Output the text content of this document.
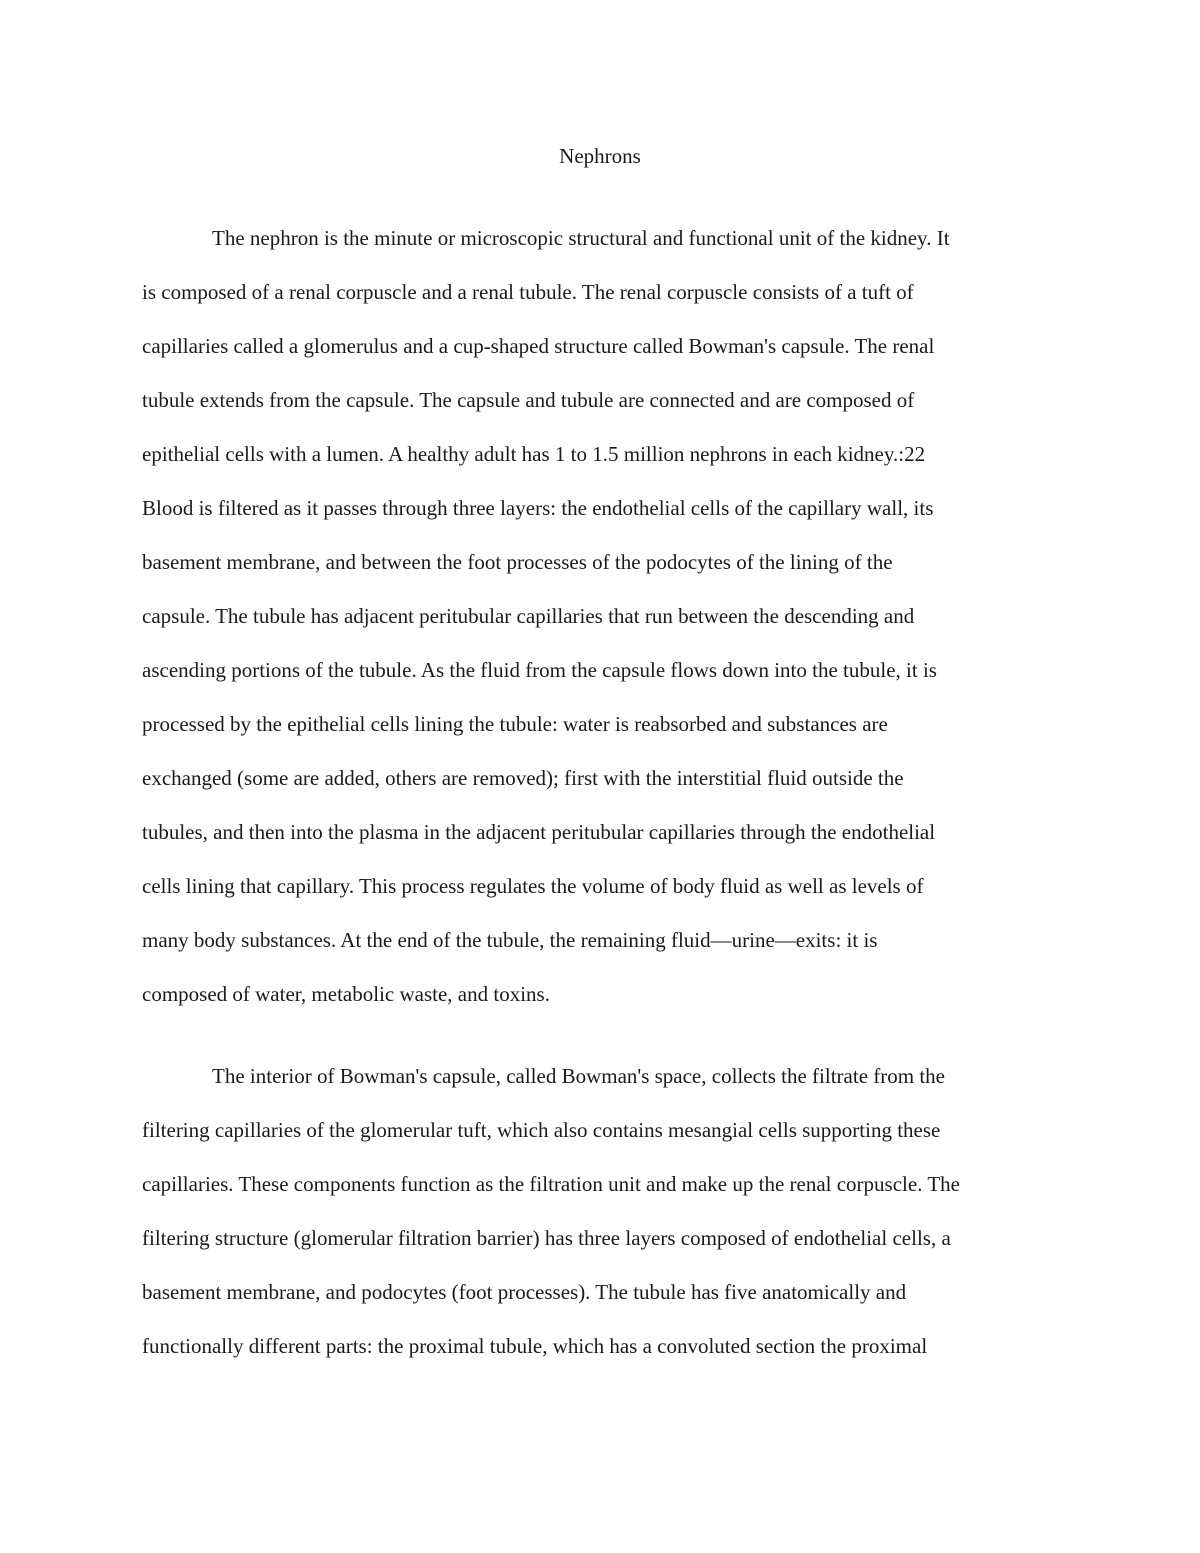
Nephrons

The nephron is the minute or microscopic structural and functional unit of the kidney. It

is composed of a renal corpuscle and a renal tubule. The renal corpuscle consists of a tuft of

capillaries called a glomerulus and a cup-shaped structure called Bowman's capsule. The renal

tubule extends from the capsule. The capsule and tubule are connected and are composed of

epithelial cells with a lumen. A healthy adult has 1 to 1.5 million nephrons in each kidney.:22

Blood is filtered as it passes through three layers: the endothelial cells of the capillary wall, its

basement membrane, and between the foot processes of the podocytes of the lining of the

capsule. The tubule has adjacent peritubular capillaries that run between the descending and

ascending portions of the tubule. As the fluid from the capsule flows down into the tubule, it is

processed by the epithelial cells lining the tubule: water is reabsorbed and substances are

exchanged (some are added, others are removed); first with the interstitial fluid outside the

tubules, and then into the plasma in the adjacent peritubular capillaries through the endothelial

cells lining that capillary. This process regulates the volume of body fluid as well as levels of

many body substances. At the end of the tubule, the remaining fluid—urine—exits: it is

composed of water, metabolic waste, and toxins.

The interior of Bowman's capsule, called Bowman's space, collects the filtrate from the

filtering capillaries of the glomerular tuft, which also contains mesangial cells supporting these

capillaries. These components function as the filtration unit and make up the renal corpuscle. The

filtering structure (glomerular filtration barrier) has three layers composed of endothelial cells, a

basement membrane, and podocytes (foot processes). The tubule has five anatomically and

functionally different parts: the proximal tubule, which has a convoluted section the proximal
